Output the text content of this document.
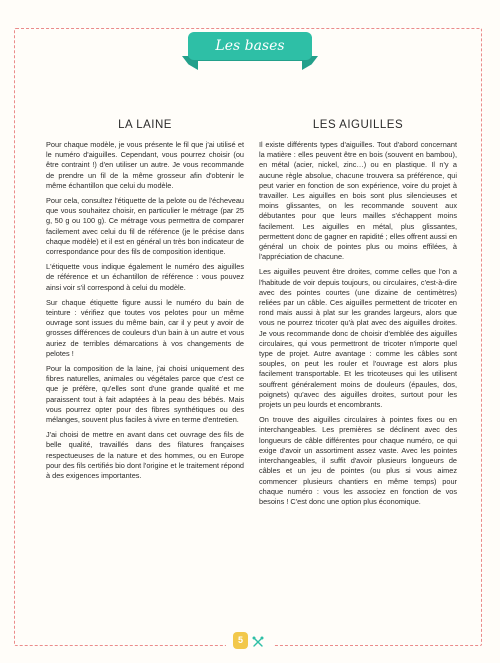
Les bases
LA LAINE

Pour chaque modèle, je vous présente le fil que j'ai utilisé et le numéro d'aiguilles. Cependant, vous pourrez choisir (ou être contraint !) d'en utiliser un autre. Je vous recommande de prendre un fil de la même grosseur afin d'obtenir le même échantillon que celui du modèle.

Pour cela, consultez l'étiquette de la pelote ou de l'écheveau que vous souhaitez choisir, en particulier le métrage (par 25 g, 50 g ou 100 g). Ce métrage vous permettra de comparer facilement avec celui du fil de référence (je le précise dans chaque modèle) et il est en général un très bon indicateur de correspondance pour des fils de composition identique.

L'étiquette vous indique également le numéro des aiguilles de référence et un échantillon de référence : vous pouvez ainsi voir s'il correspond à celui du modèle.

Sur chaque étiquette figure aussi le numéro du bain de teinture : vérifiez que toutes vos pelotes pour un même ouvrage sont issues du même bain, car il y peut y avoir de grosses différences de couleurs d'un bain à un autre et vous auriez de terribles démarcations à vos changements de pelotes !

Pour la composition de la laine, j'ai choisi uniquement des fibres naturelles, animales ou végétales parce que c'est ce que je préfère, qu'elles sont d'une grande qualité et me paraissent tout à fait adaptées à la peau des bébés. Mais vous pourrez opter pour des fibres synthétiques ou des mélanges, souvent plus faciles à vivre en terme d'entretien.

J'ai choisi de mettre en avant dans cet ouvrage des fils de belle qualité, travaillés dans des filatures françaises respectueuses de la nature et des hommes, ou en Europe pour des fils certifiés bio dont l'origine et le traitement répond à des exigences importantes.

LES AIGUILLES

Il existe différents types d'aiguilles. Tout d'abord concernant la matière : elles peuvent être en bois (souvent en bambou), en métal (acier, nickel, zinc…) ou en plastique. Il n'y a aucune règle absolue, chacune trouvera sa préférence, qui peut varier en fonction de son expérience, voire du projet à travailler. Les aiguilles en bois sont plus silencieuses et moins glissantes, on les recommande souvent aux débutantes pour que leurs mailles s'échappent moins facilement. Les aiguilles en métal, plus glissantes, permettent donc de gagner en rapidité ; elles offrent aussi en général un choix de pointes plus ou moins effilées, à l'appréciation de chacune.

Les aiguilles peuvent être droites, comme celles que l'on a l'habitude de voir depuis toujours, ou circulaires, c'est-à-dire avec des pointes courtes (une dizaine de centimètres) reliées par un câble. Ces aiguilles permettent de tricoter en rond mais aussi à plat sur les grandes largeurs, alors que vous ne pourrez tricoter qu'à plat avec des aiguilles droites. Je vous recommande donc de choisir d'emblée des aiguilles circulaires, qui vous permettront de tricoter n'importe quel type de projet. Autre avantage : comme les câbles sont souples, on peut les rouler et l'ouvrage est alors plus facilement transportable. Et les tricoteuses qui les utilisent souffrent généralement moins de douleurs (épaules, dos, poignets) qu'avec des aiguilles droites, surtout pour les projets un peu lourds et encombrants.

On trouve des aiguilles circulaires à pointes fixes ou en interchangeables. Les premières se déclinent avec des longueurs de câble différentes pour chaque numéro, ce qui exige d'avoir un assortiment assez vaste. Avec les pointes interchangeables, il suffit d'avoir plusieurs longueurs de câbles et un jeu de pointes (ou plus si vous aimez commencer plusieurs chantiers en même temps) pour chaque numéro : vous les associez en fonction de vos besoins ! C'est donc une option plus économique.

5
